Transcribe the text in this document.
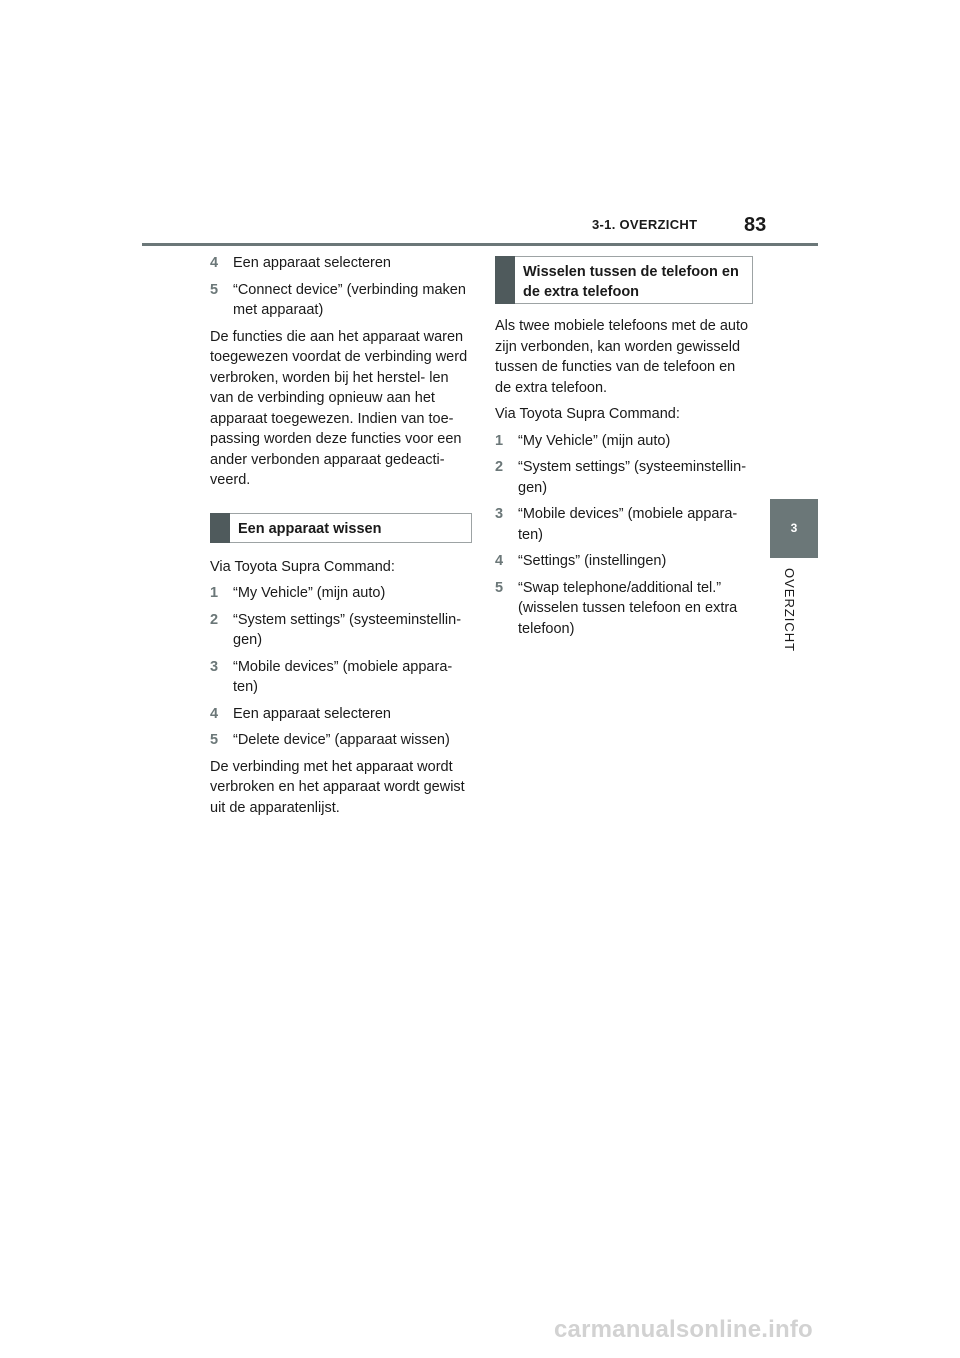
3-1. OVERZICHT 83
3
OVERZICHT
4 Een apparaat selecteren
5 “Connect device” (verbinding maken met apparaat)

De functies die aan het apparaat waren toegewezen voordat de verbinding werd verbroken, worden bij het herstel- len van de verbinding opnieuw aan het apparaat toegewezen. Indien van toe- passing worden deze functies voor een ander verbonden apparaat gedeacti- veerd.

Een apparaat wissen

Via Toyota Supra Command:

1 “My Vehicle” (mijn auto)
2 “System settings” (systeeminstellin- gen)
3 “Mobile devices” (mobiele appara- ten)
4 Een apparaat selecteren
5 “Delete device” (apparaat wissen)

De verbinding met het apparaat wordt verbroken en het apparaat wordt gewist uit de apparatenlijst.

Wisselen tussen de telefoon en de extra telefoon

Als twee mobiele telefoons met de auto zijn verbonden, kan worden gewisseld tussen de functies van de telefoon en de extra telefoon.

Via Toyota Supra Command:

1 “My Vehicle” (mijn auto)
2 “System settings” (systeeminstellin- gen)
3 “Mobile devices” (mobiele appara- ten)
4 “Settings” (instellingen)
5 “Swap telephone/additional tel.” (wisselen tussen telefoon en extra telefoon)
carmanualsonline.info
